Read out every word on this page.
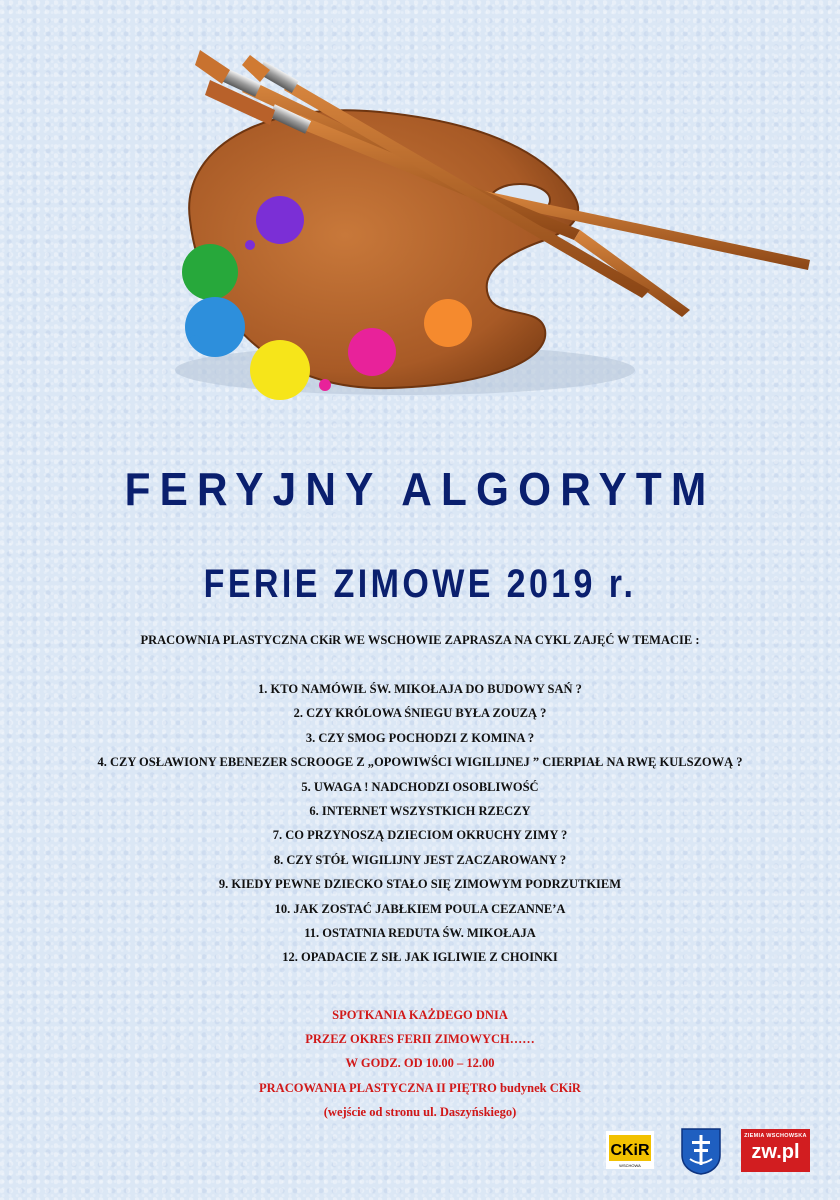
FERYJNY ALGORYTM
FERIE ZIMOWE 2019 r.
PRACOWNIA PLASTYCZNA CKiR WE WSCHOWIE ZAPRASZA NA CYKL ZAJĘĆ W TEMACIE :
1. KTO NAMÓWIŁ ŚW. MIKOŁAJA DO BUDOWY SAŃ ?
2. CZY KRÓLOWA ŚNIEGU BYŁA ZOUZĄ ?
3. CZY SMOG POCHODZI Z KOMINA ?
4. CZY OSŁAWIONY EBENEZER SCROOGE Z „OPOWIWŚCI WIGILIJNEJ ” CIERPIAŁ NA RWĘ KULSZOWĄ ?
5. UWAGA ! NADCHODZI OSOBLIWOŚĆ
6. INTERNET WSZYSTKICH RZECZY
7. CO PRZYNOSZĄ DZIECIOM OKRUCHY ZIMY ?
8. CZY STÓŁ WIGILIJNY JEST ZACZAROWANY ?
9. KIEDY PEWNE DZIECKO STAŁO SIĘ ZIMOWYM PODRZUTKIEM
10. JAK ZOSTAĆ JABŁKIEM POULA CEZANNE’A
11. OSTATNIA REDUTA ŚW. MIKOŁAJA
12. OPADACIE Z SIŁ JAK IGLIWIE Z CHOINKI
SPOTKANIA KAŻDEGO DNIA
PRZEZ OKRES FERII ZIMOWYCH……
W GODZ. OD 10.00 – 12.00
PRACOWANIA PLASTYCZNA II PIĘTRO budynek CKiR
(wejście od stronu ul. Daszyńskiego)
CKiR
WSCHOWA
ZIEMIA WSCHOWSKA
zw.pl
